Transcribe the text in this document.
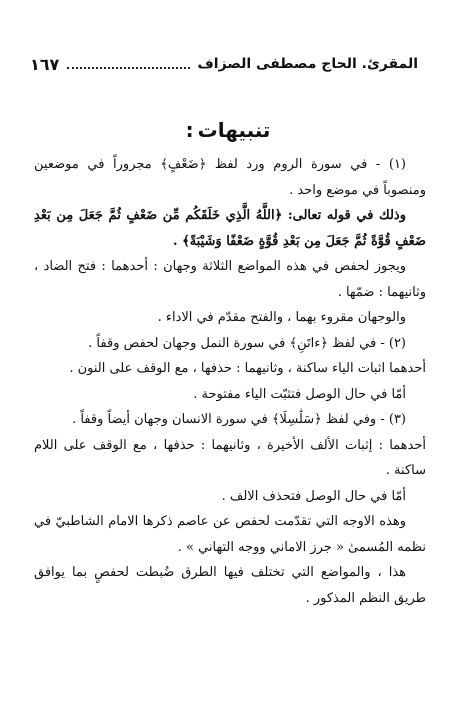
المقرئ. الحاج مصطفى الصزاف
١٦٧
تنبيهات:

(١) - في سورة الروم ورد لفظ ﴿ضَعْفٍ﴾ مجروراً في موضعين ومنصوباً في موضع واحد .

وذلك في قوله تعالى: ﴿اللَّهُ الَّذِي خَلَقَكُم مِّن ضَعْفٍ ثُمَّ جَعَلَ مِن بَعْدِ ضَعْفٍ قُوَّةً ثُمَّ جَعَلَ مِن بَعْدِ قُوَّةٍ ضَعْفًا وَشَيْبَةً﴾ .

ويجوز لحفص في هذه المواضع الثلاثة وجهان : أحدهما : فتح الضاد ، وثانيهما : ضمّها .

والوجهان مقروء بهما ، والفتح مقدّم في الاداء .

(٢) - في لفظ ﴿ءاتَنِ﴾ في سورة النمل وجهان لحفص وقفاً .

أحدهما اثبات الياء ساكنة ، وثانيهما : حذفها ، مع الوقف على النون .

أمّا في حال الوصل فتثبّت الياء مفتوحة .

(٣) - وفي لفظ ﴿سَلَٰسِلَا﴾ في سورة الانسان وجهان أيضاً وقفاً .

أحدهما : إثبات الألف الأخيرة ، وثانيهما : حذفها ، مع الوقف على اللام ساكنة .

أمّا في حال الوصل فتحذف الالف .

وهذه الاوجه التي تقدّمت لحفص عن عاصم ذكرها الامام الشاطبيّ في نظمه المُسمىٰ « جرز الاماني ووجه التهاني » .

هذا ، والمواضع التي تختلف فيها الطرق ضُبطت لحفصٍ بما يوافق طريق النظم المذكور .
